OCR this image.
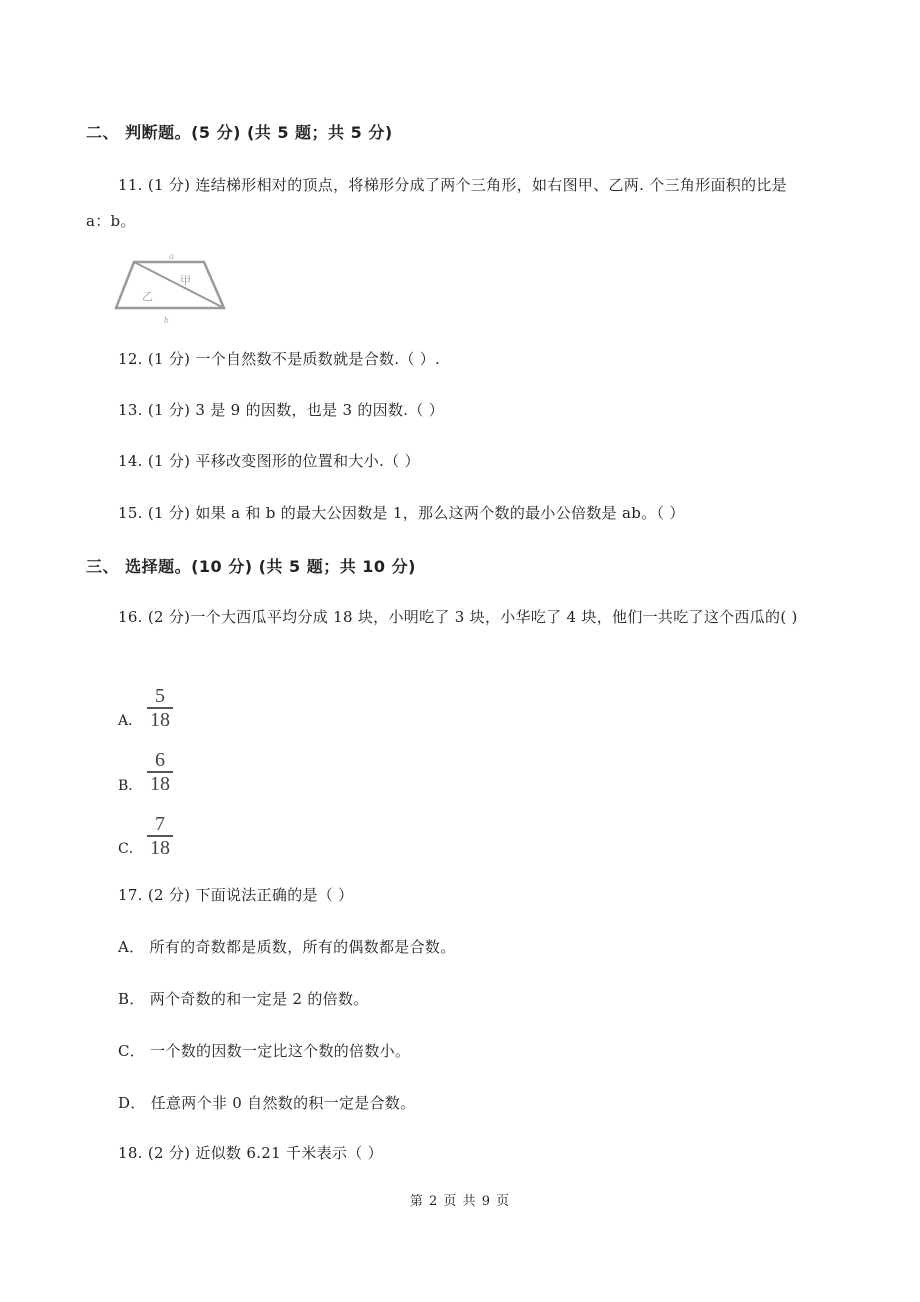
二、 判断题。(5 分) (共 5 题；共 5 分)
11. (1 分) 连结梯形相对的顶点，将梯形分成了两个三角形，如右图甲、乙两. 个三角形面积的比是
a：b。
a
b
甲
乙
12. (1 分) 一个自然数不是质数就是合数.（ ）.
13. (1 分) 3 是 9 的因数，也是 3 的因数.（ ）
14. (1 分) 平移改变图形的位置和大小.（ ）
15. (1 分) 如果 a 和 b 的最大公因数是 1，那么这两个数的最小公倍数是 ab。（ ）
三、 选择题。(10 分) (共 5 题；共 10 分)
16. (2 分)一个大西瓜平均分成 18 块，小明吃了 3 块，小华吃了 4 块，他们一共吃了这个西瓜的( )
A．
5
18
B．
6
18
C．
7
18
17. (2 分) 下面说法正确的是（ ）
A． 所有的奇数都是质数，所有的偶数都是合数。
B． 两个奇数的和一定是 2 的倍数。
C． 一个数的因数一定比这个数的倍数小。
D． 任意两个非 0 自然数的积一定是合数。
18. (2 分) 近似数 6.21 千米表示（ ）
第 2 页 共 9 页
